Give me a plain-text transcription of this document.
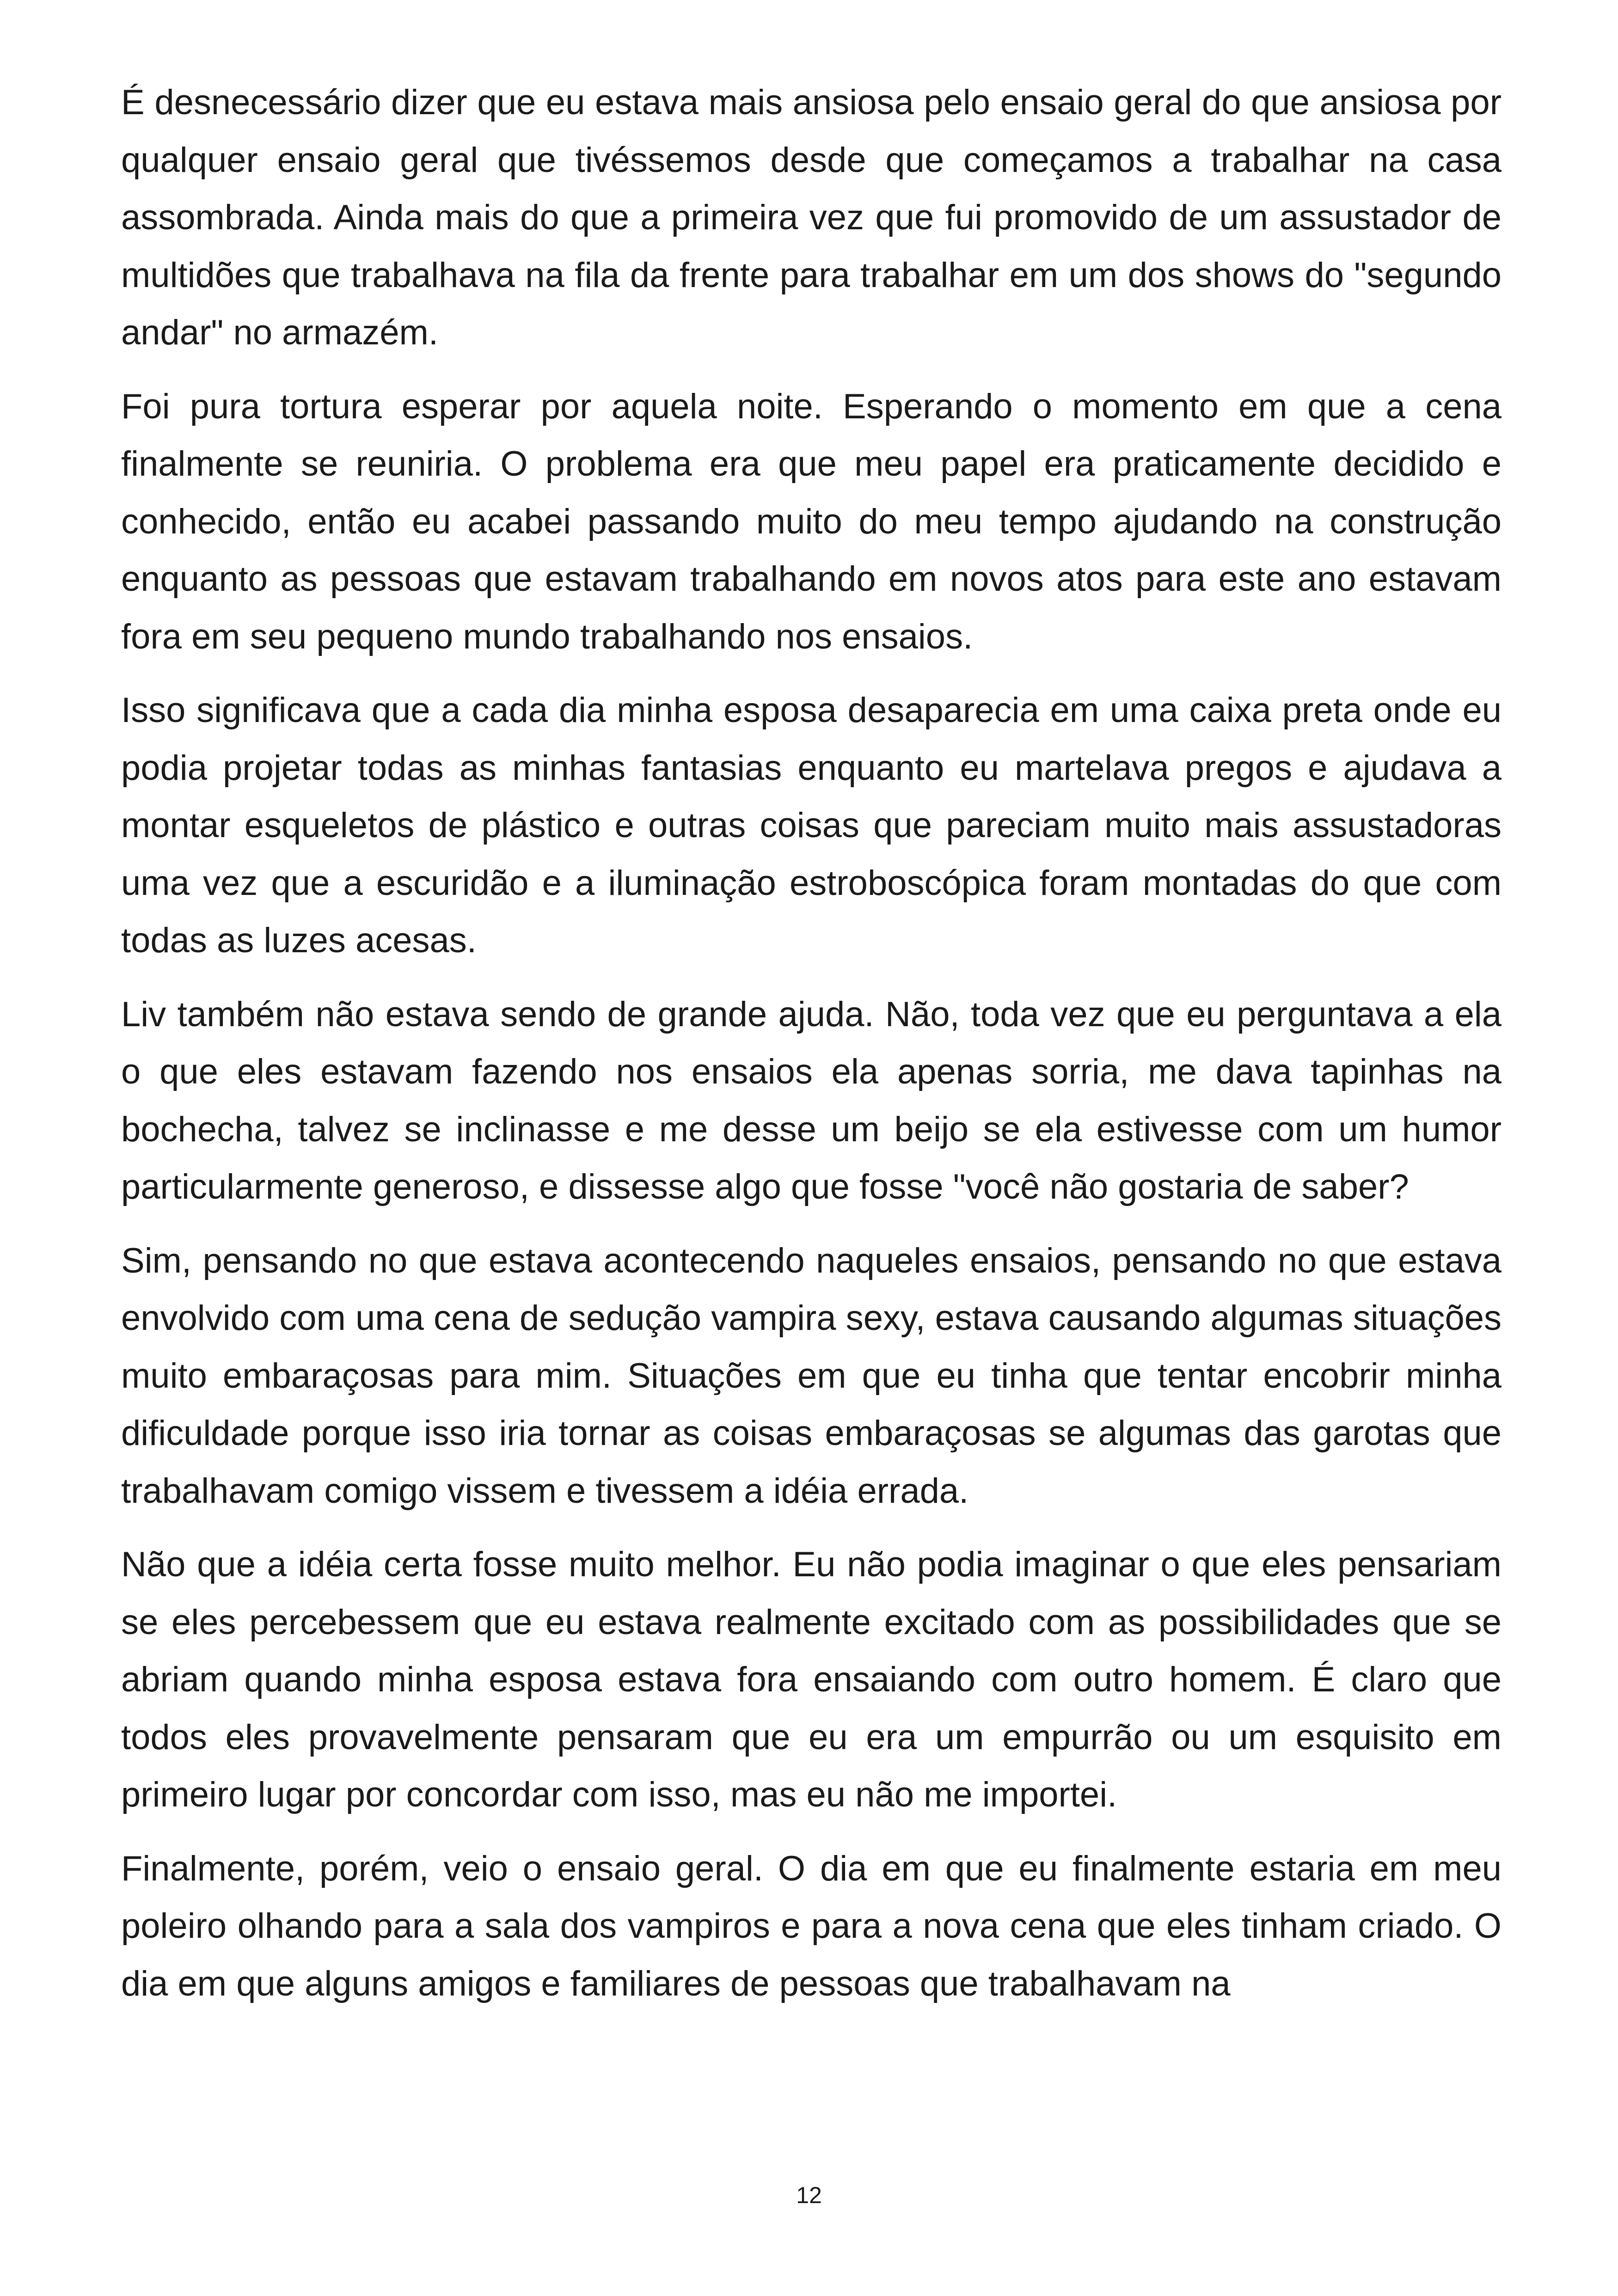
É desnecessário dizer que eu estava mais ansiosa pelo ensaio geral do que ansiosa por qualquer ensaio geral que tivéssemos desde que começamos a trabalhar na casa assombrada. Ainda mais do que a primeira vez que fui promovido de um assustador de multidões que trabalhava na fila da frente para trabalhar em um dos shows do "segundo andar" no armazém.

Foi pura tortura esperar por aquela noite. Esperando o momento em que a cena finalmente se reuniria. O problema era que meu papel era praticamente decidido e conhecido, então eu acabei passando muito do meu tempo ajudando na construção enquanto as pessoas que estavam trabalhando em novos atos para este ano estavam fora em seu pequeno mundo trabalhando nos ensaios.

Isso significava que a cada dia minha esposa desaparecia em uma caixa preta onde eu podia projetar todas as minhas fantasias enquanto eu martelava pregos e ajudava a montar esqueletos de plástico e outras coisas que pareciam muito mais assustadoras uma vez que a escuridão e a iluminação estroboscópica foram montadas do que com todas as luzes acesas.

Liv também não estava sendo de grande ajuda. Não, toda vez que eu perguntava a ela o que eles estavam fazendo nos ensaios ela apenas sorria, me dava tapinhas na bochecha, talvez se inclinasse e me desse um beijo se ela estivesse com um humor particularmente generoso, e dissesse algo que fosse "você não gostaria de saber?

Sim, pensando no que estava acontecendo naqueles ensaios, pensando no que estava envolvido com uma cena de sedução vampira sexy, estava causando algumas situações muito embaraçosas para mim. Situações em que eu tinha que tentar encobrir minha dificuldade porque isso iria tornar as coisas embaraçosas se algumas das garotas que trabalhavam comigo vissem e tivessem a idéia errada.

Não que a idéia certa fosse muito melhor. Eu não podia imaginar o que eles pensariam se eles percebessem que eu estava realmente excitado com as possibilidades que se abriam quando minha esposa estava fora ensaiando com outro homem. É claro que todos eles provavelmente pensaram que eu era um empurrão ou um esquisito em primeiro lugar por concordar com isso, mas eu não me importei.

Finalmente, porém, veio o ensaio geral. O dia em que eu finalmente estaria em meu poleiro olhando para a sala dos vampiros e para a nova cena que eles tinham criado. O dia em que alguns amigos e familiares de pessoas que trabalhavam na

12
